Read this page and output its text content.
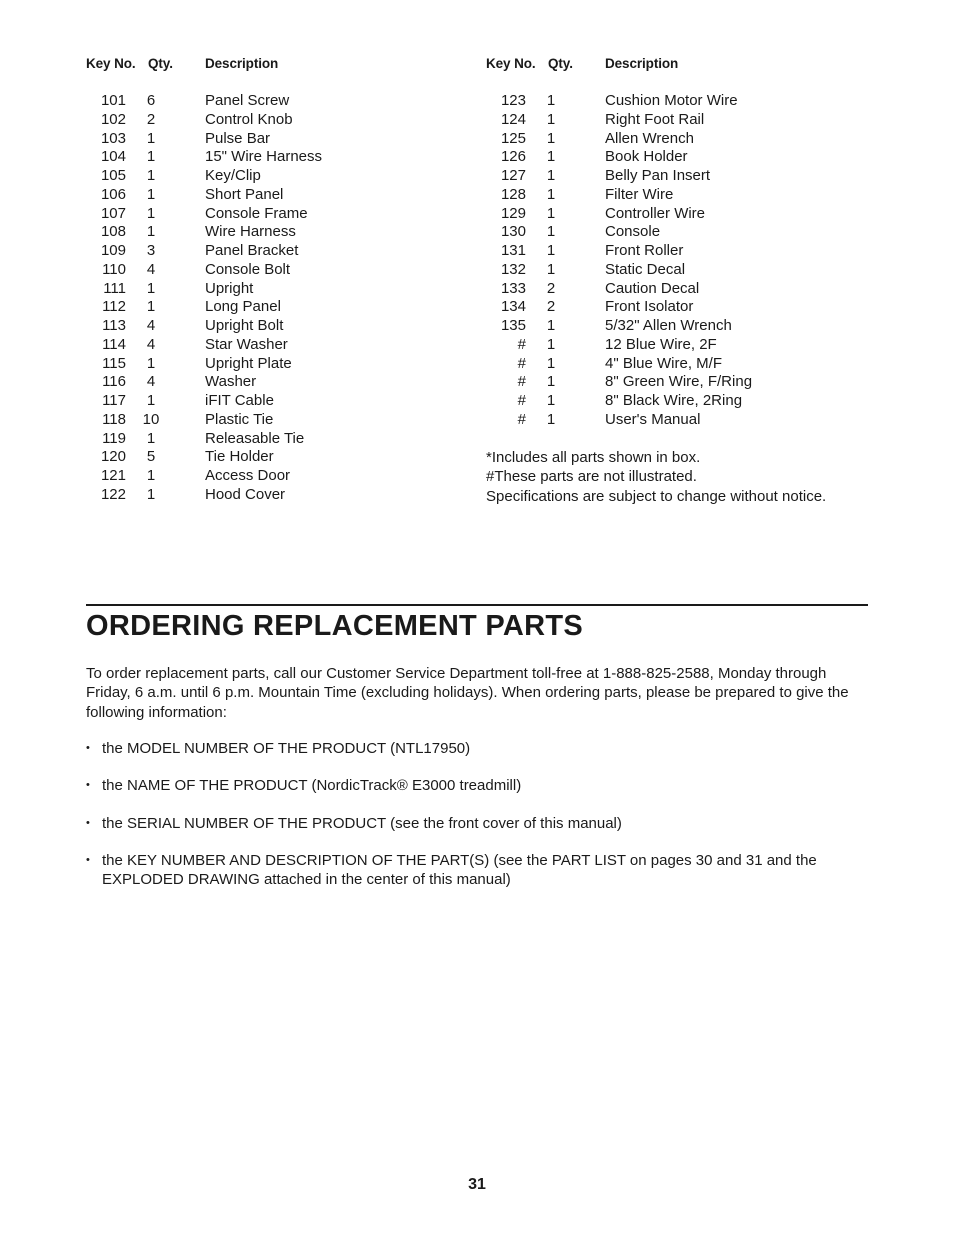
Key No. Qty.	Description
101	6	Panel Screw
102	2	Control Knob
103	1	Pulse Bar
104	1	15" Wire Harness
105	1	Key/Clip
106	1	Short Panel
107	1	Console Frame
108	1	Wire Harness
109	3	Panel Bracket
110	4	Console Bolt
111	1	Upright
112	1	Long Panel
113	4	Upright Bolt
114	4	Star Washer
115	1	Upright Plate
116	4	Washer
117	1	iFIT Cable
118	10	Plastic Tie
119	1	Releasable Tie
120	5	Tie Holder
121	1	Access Door
122	1	Hood Cover
Key No. Qty.	Description
123	1	Cushion Motor Wire
124	1	Right Foot Rail
125	1	Allen Wrench
126	1	Book Holder
127	1	Belly Pan Insert
128	1	Filter Wire
129	1	Controller Wire
130	1	Console
131	1	Front Roller
132	1	Static Decal
133	2	Caution Decal
134	2	Front Isolator
135	1	5/32" Allen Wrench
#	1	12 Blue Wire, 2F
#	1	4" Blue Wire, M/F
#	1	8" Green Wire, F/Ring
#	1	8" Black Wire, 2Ring
#	1	User's Manual
*Includes all parts shown in box.
#These parts are not illustrated.
Specifications are subject to change without notice.
ORDERING REPLACEMENT PARTS
To order replacement parts, call our Customer Service Department toll-free at 1-888-825-2588, Monday through Friday, 6 a.m. until 6 p.m. Mountain Time (excluding holidays). When ordering parts, please be prepared to give the following information:
• the MODEL NUMBER OF THE PRODUCT (NTL17950)
• the NAME OF THE PRODUCT (NordicTrack® E3000 treadmill)
• the SERIAL NUMBER OF THE PRODUCT (see the front cover of this manual)
• the KEY NUMBER AND DESCRIPTION OF THE PART(S) (see the PART LIST on pages 30 and 31 and the EXPLODED DRAWING attached in the center of this manual)
31
